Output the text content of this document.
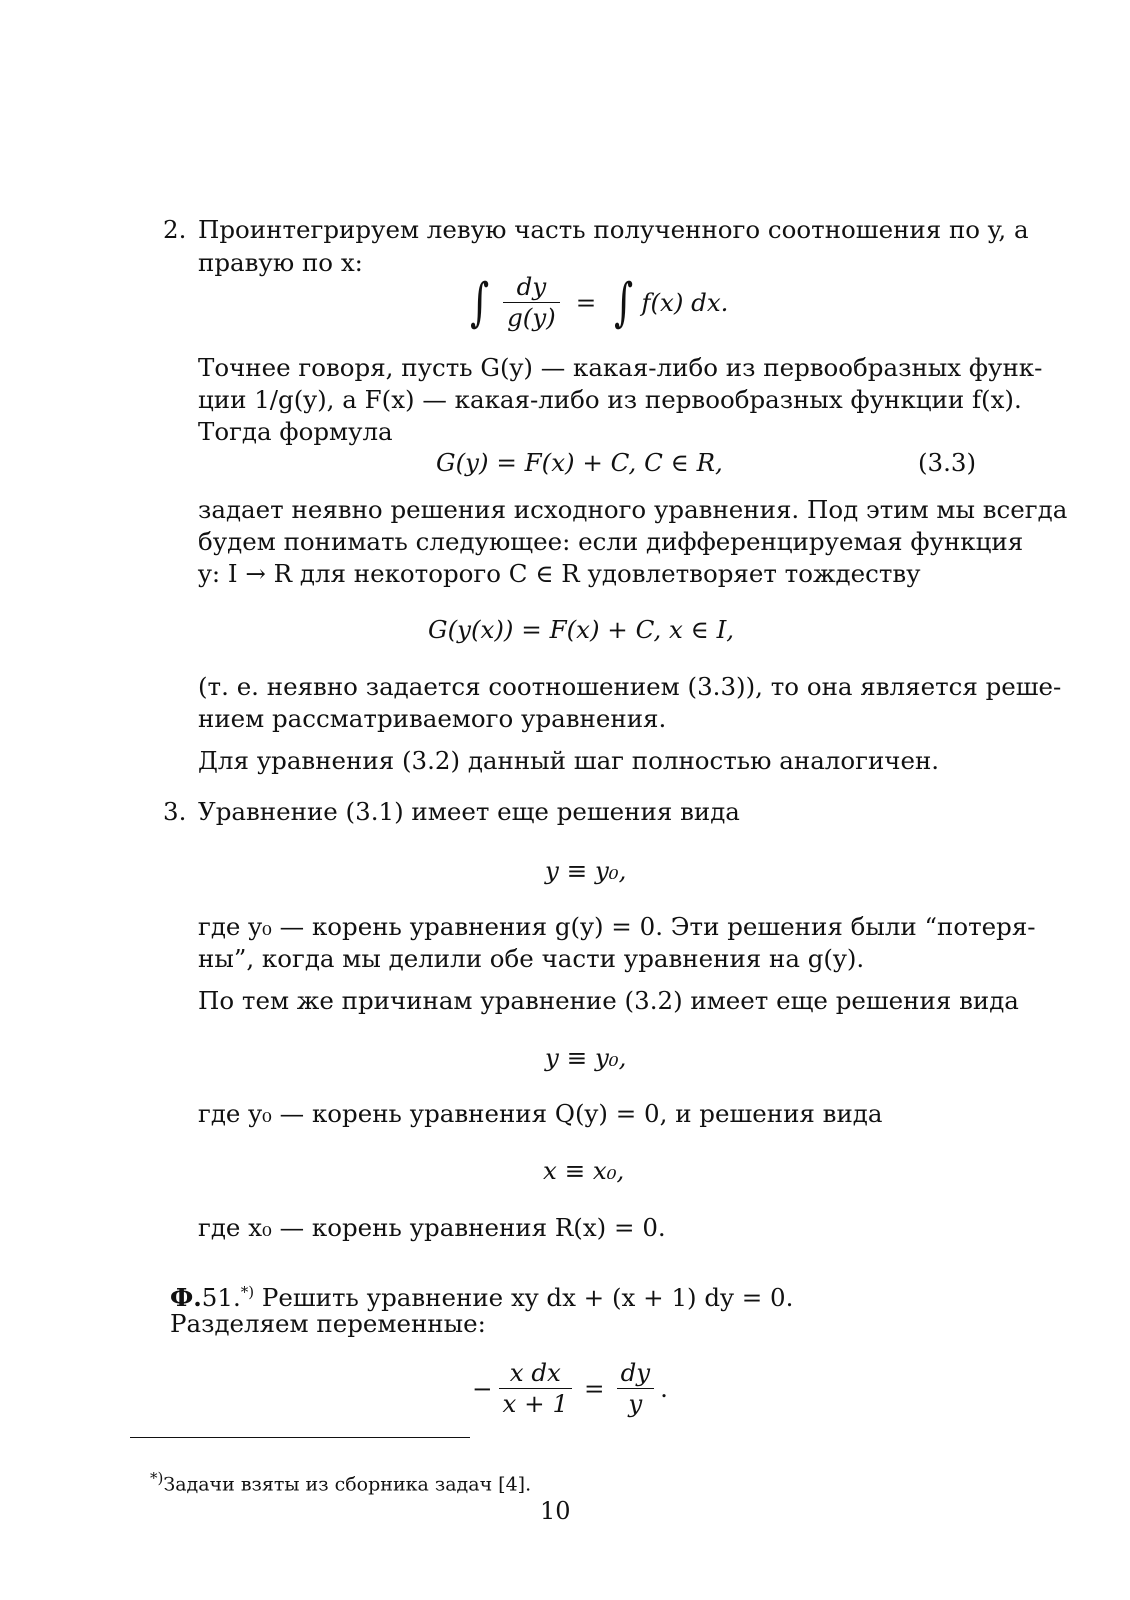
2. Проинтегрируем левую часть полученного соотношения по y, а

правую по x:

∫ $\frac{dy}{g(y)}$ = ∫ f(x) dx.

Точнее говоря, пусть G(y) — какая-либо из первообразных функ-

ции 1/g(y), а F(x) — какая-либо из первообразных функции f(x).

Тогда формула

G(y) = F(x) + C, C ∈ R,	(3.3)

задает неявно решения исходного уравнения. Под этим мы всегда

будем понимать следующее: если дифференцируемая функция

y: I → R для некоторого C ∈ R удовлетворяет тождеству

G(y(x)) = F(x) + C, x ∈ I,

(т. е. неявно задается соотношением (3.3)), то она является реше-

нием рассматриваемого уравнения.

Для уравнения (3.2) данный шаг полностью аналогичен.

3. Уравнение (3.1) имеет еще решения вида

y ≡ y₀,

где y₀ — корень уравнения g(y) = 0. Эти решения были “потеря-

ны”, когда мы делили обе части уравнения на g(y).

По тем же причинам уравнение (3.2) имеет еще решения вида

y ≡ y₀,

где y₀ — корень уравнения Q(y) = 0, и решения вида

x ≡ x₀,

где x₀ — корень уравнения R(x) = 0.

Ф.51.*) Решить уравнение xy dx + (x + 1) dy = 0.

Разделяем переменные:

− $\frac{\text{x dx}}{x + 1} = \frac{dy}{y}$ .

*)Задачи взяты из сборника задач [4].

10
